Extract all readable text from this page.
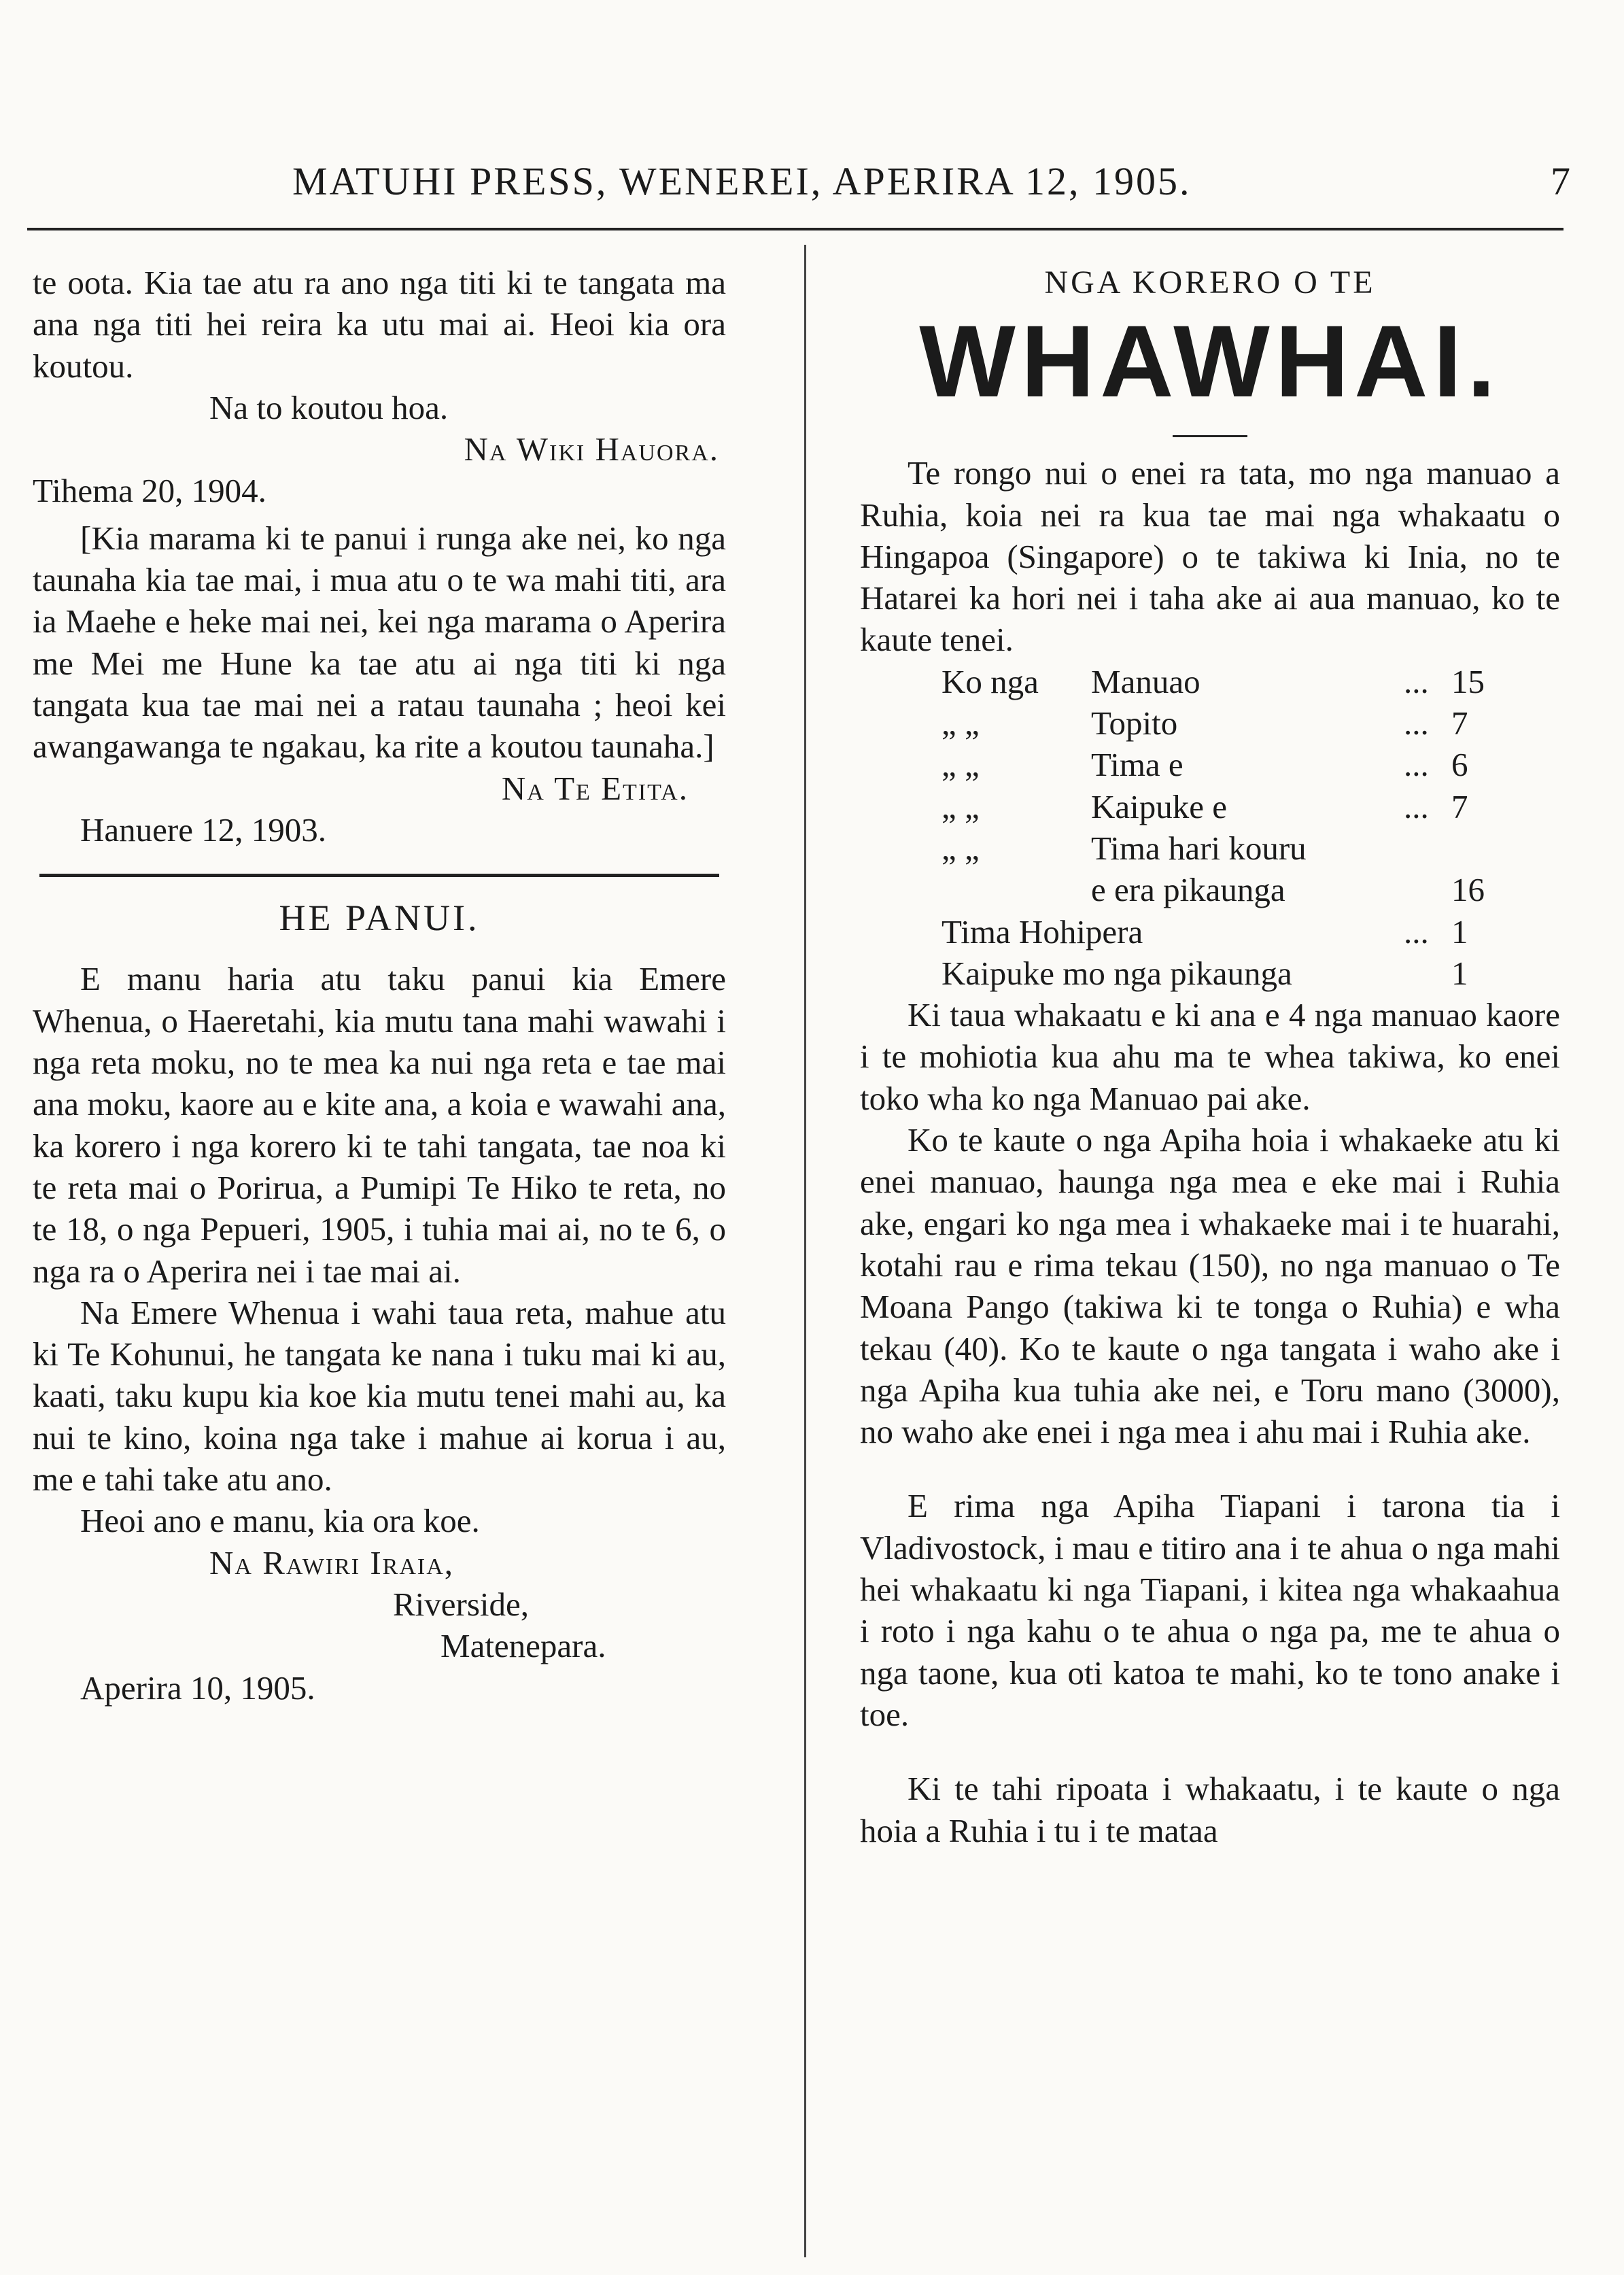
MATUHI PRESS, WENEREI, APERIRA 12, 1905.	7

te oota. Kia tae atu ra ano nga titi ki te tangata ma ana nga titi hei reira ka utu mai ai. Heoi kia ora koutou.

Na to koutou hoa.

Na Wiki Hauora.

Tihema 20, 1904.

[Kia marama ki te panui i runga ake nei, ko nga taunaha kia tae mai, i mua atu o te wa mahi titi, ara ia Maehe e heke mai nei, kei nga marama o Aperira me Mei me Hune ka tae atu ai nga titi ki nga tangata kua tae mai nei a ratau taunaha ; heoi kei awangawanga te ngakau, ka rite a koutou taunaha.]

Na Te Etita.

Hanuere 12, 1903.

HE PANUI.

E manu haria atu taku panui kia Emere Whenua, o Haeretahi, kia mutu tana mahi wawahi i nga reta moku, no te mea ka nui nga reta e tae mai ana moku, kaore au e kite ana, a koia e wawahi ana, ka korero i nga korero ki te tahi tangata, tae noa ki te reta mai o Porirua, a Pumipi Te Hiko te reta, no te 18, o nga Pepueri, 1905, i tuhia mai ai, no te 6, o nga ra o Aperira nei i tae mai ai.

Na Emere Whenua i wahi taua reta, mahue atu ki Te Kohunui, he tangata ke nana i tuku mai ki au, kaati, taku kupu kia koe kia mutu tenei mahi au, ka nui te kino, koina nga take i mahue ai korua i au, me e tahi take atu ano.

Heoi ano e manu, kia ora koe.

Na Rawiri Iraia,

Riverside,

Matenepara.

Aperira 10, 1905.

NGA KORERO O TE

WHAWHAI.

Te rongo nui o enei ra tata, mo nga manuao a Ruhia, koia nei ra kua tae mai nga whakaatu o Hingapoa (Singapore) o te takiwa ki Inia, no te Hatarei ka hori nei i taha ake ai aua manuao, ko te kaute tenei.

Ko nga	Manuao	...	15
„ „	Topito	...	7
„ „	Tima e	...	6
„ „	Kaipuke e	...	7
„ „	Tima hari kouru		
	e era pikaunga		16
Tima Hohipera		...	1
Kaipuke mo nga pikaunga			1

Ki taua whakaatu e ki ana e 4 nga manuao kaore i te mohiotia kua ahu ma te whea takiwa, ko enei toko wha ko nga Manuao pai ake.

Ko te kaute o nga Apiha hoia i whakaeke atu ki enei manuao, haunga nga mea e eke mai i Ruhia ake, engari ko nga mea i whakaeke mai i te huarahi, kotahi rau e rima tekau (150), no nga manuao o Te Moana Pango (takiwa ki te tonga o Ruhia) e wha tekau (40). Ko te kaute o nga tangata i waho ake i nga Apiha kua tuhia ake nei, e Toru mano (3000), no waho ake enei i nga mea i ahu mai i Ruhia ake.

E rima nga Apiha Tiapani i tarona tia i Vladivostock, i mau e titiro ana i te ahua o nga mahi hei whakaatu ki nga Tiapani, i kitea nga whakaahua i roto i nga kahu o te ahua o nga pa, me te ahua o nga taone, kua oti katoa te mahi, ko te tono anake i toe.

Ki te tahi ripoata i whakaatu, i te kaute o nga hoia a Ruhia i tu i te mataa
